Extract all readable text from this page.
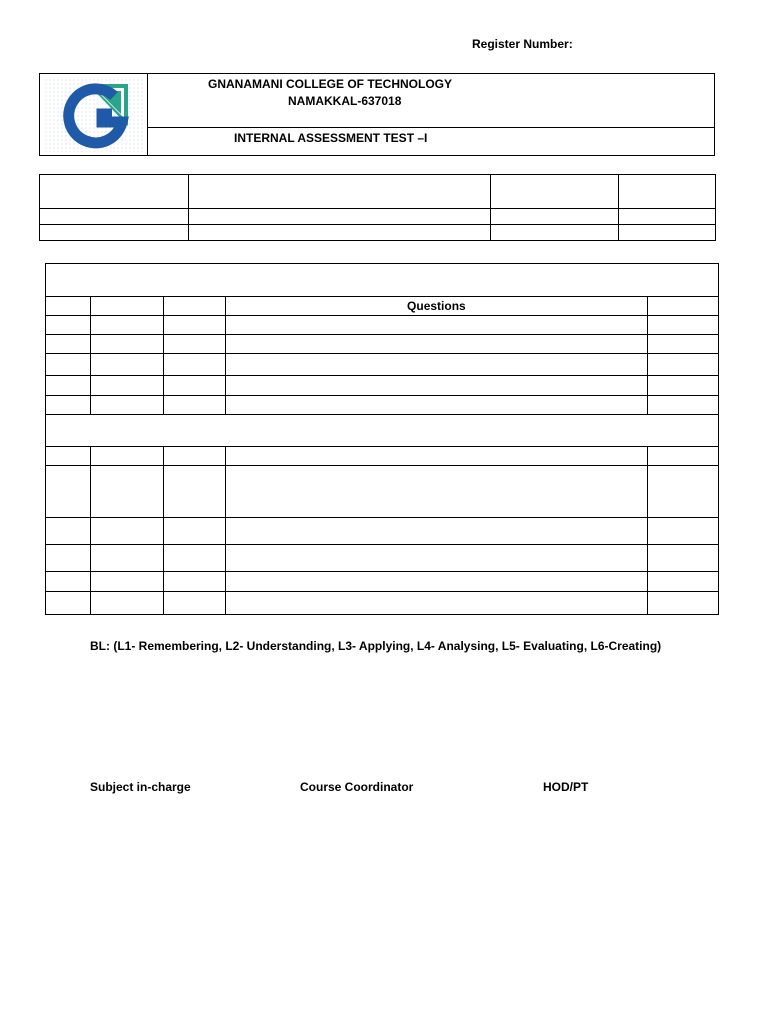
Register Number:
GNANAMANI COLLEGE OF TECHNOLOGY
NAMAKKAL-637018
INTERNAL ASSESSMENT TEST –I

			Questions	

BL: (L1- Remembering, L2- Understanding, L3- Applying, L4- Analysing, L5- Evaluating, L6-Creating)
Subject in-charge	Course Coordinator	HOD/PT
